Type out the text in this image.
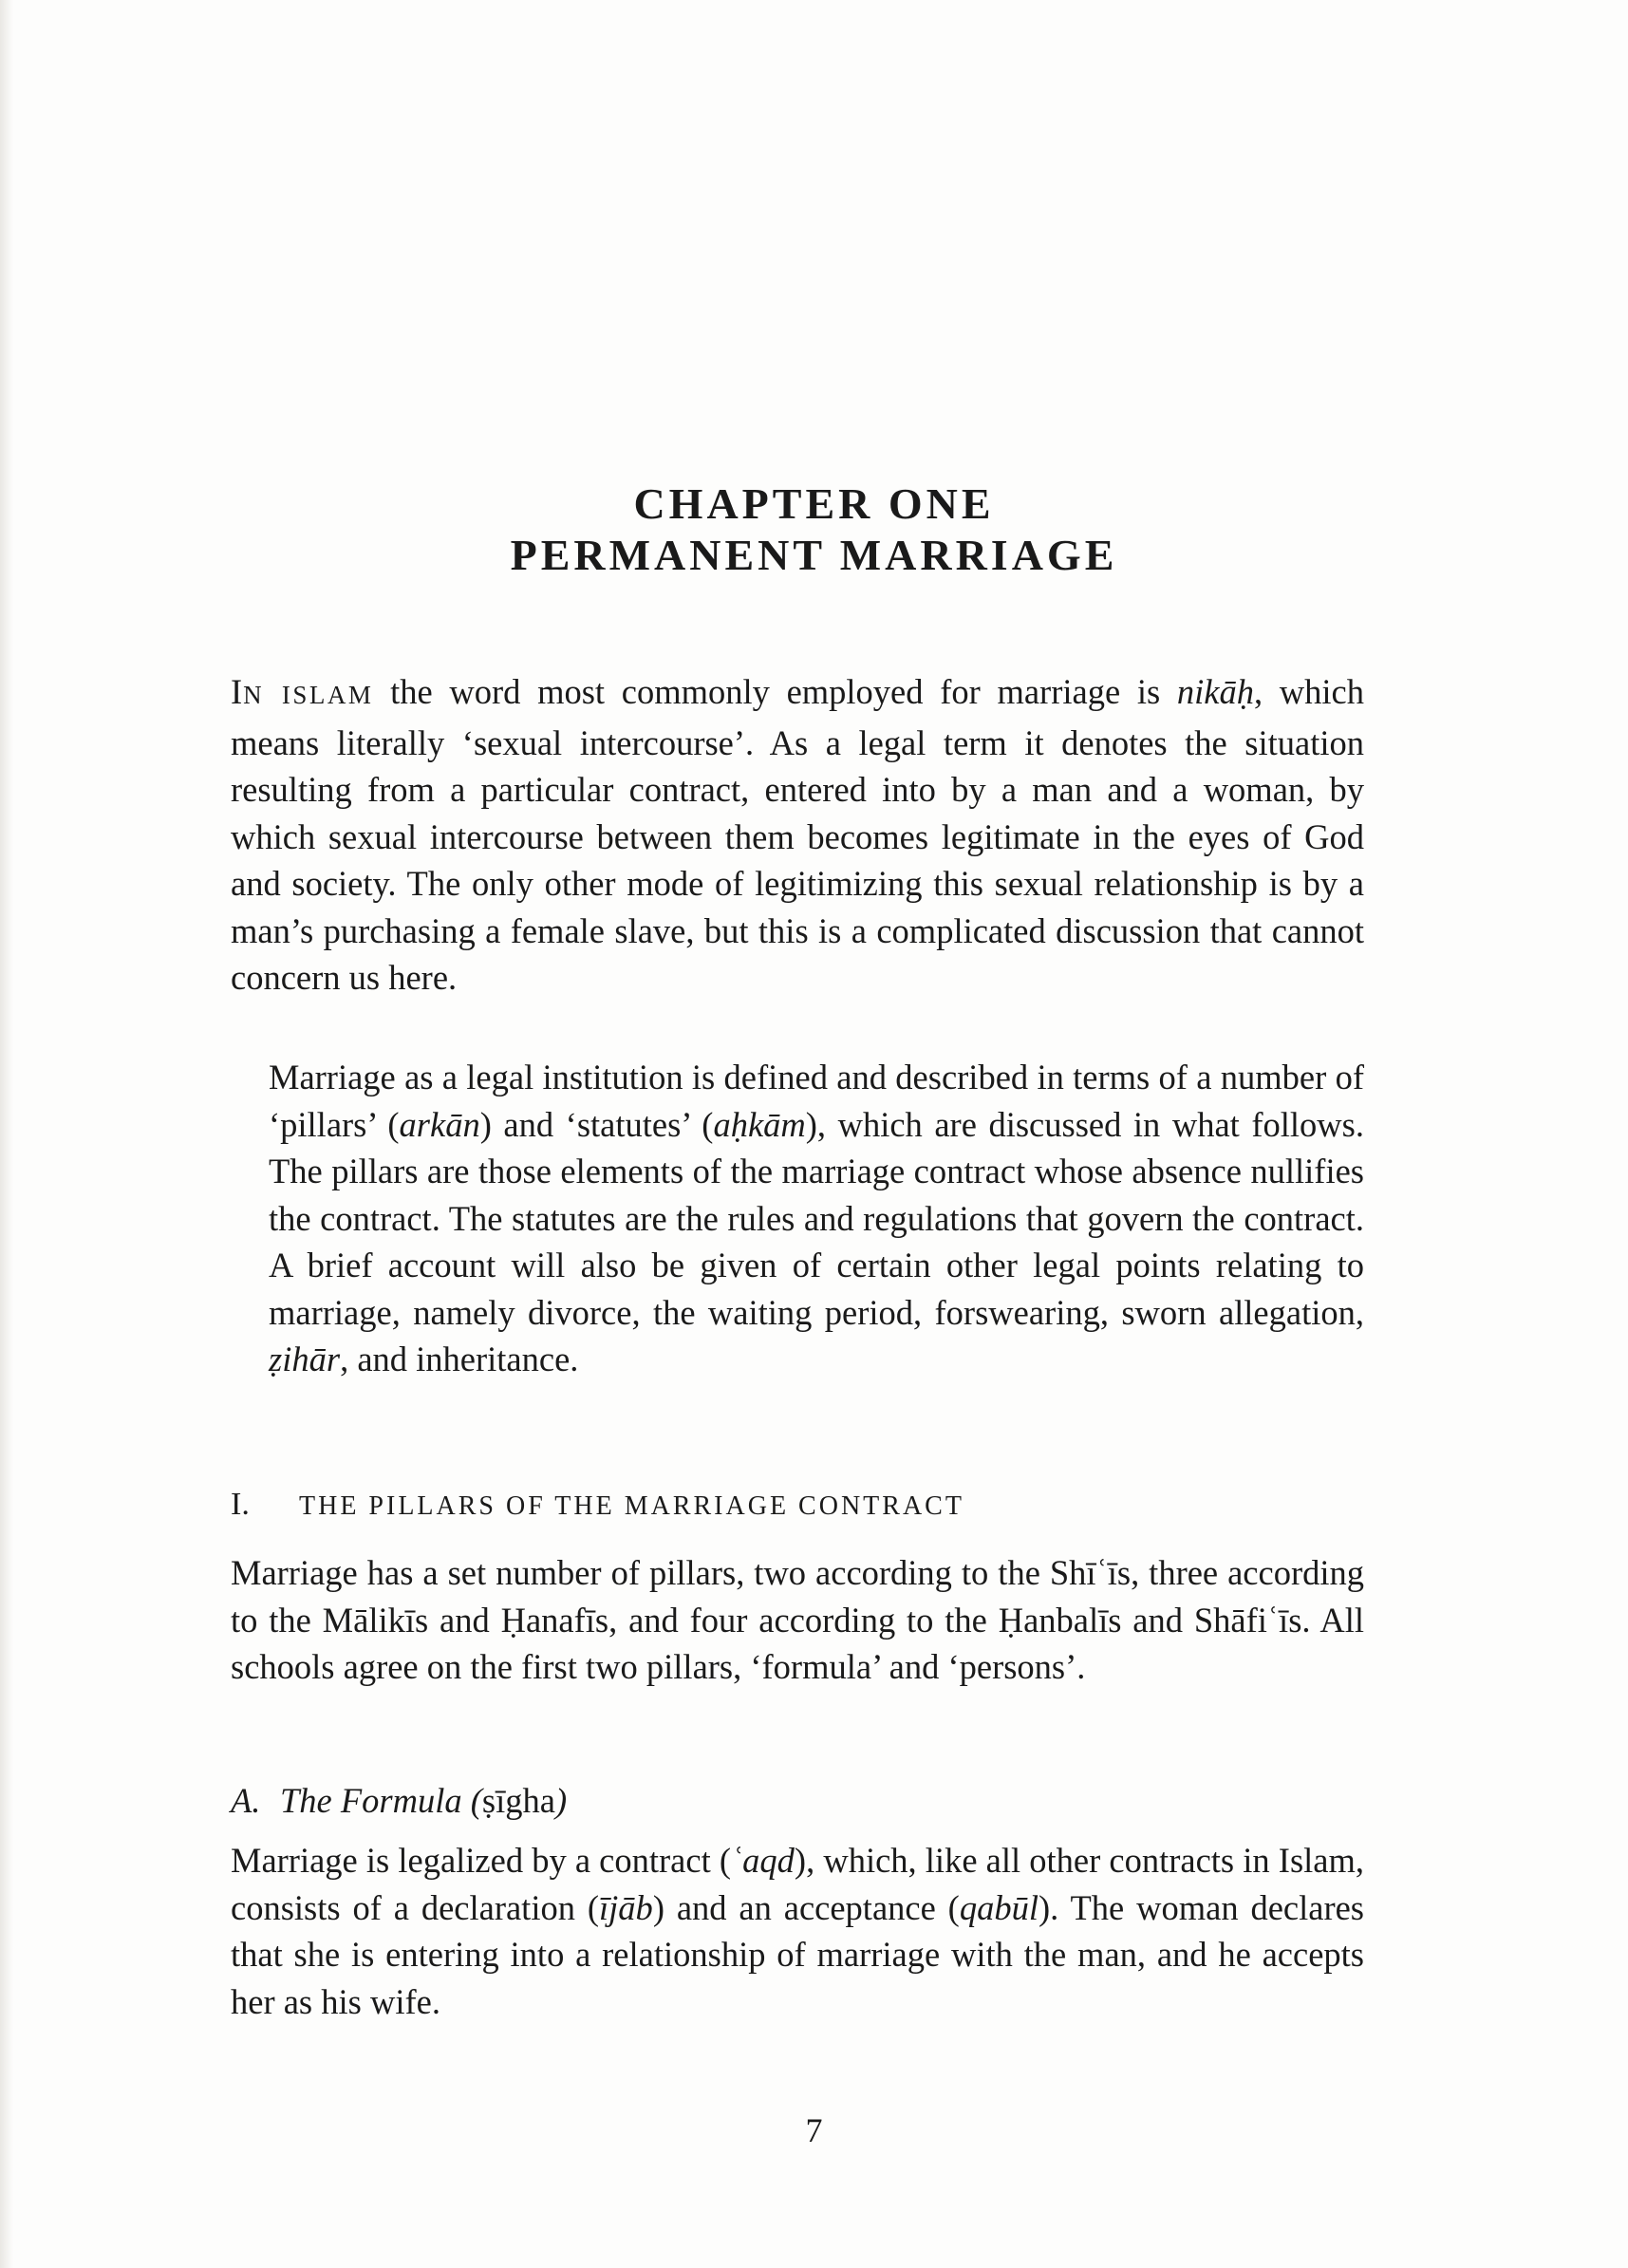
CHAPTER ONE
PERMANENT MARRIAGE

IN ISLAM the word most commonly employed for marriage is nikāḥ, which means literally ‘sexual intercourse’. As a legal term it denotes the situation resulting from a particular contract, entered into by a man and a woman, by which sexual intercourse between them becomes legitimate in the eyes of God and society. The only other mode of legitimizing this sexual relationship is by a man’s purchasing a female slave, but this is a complicated discussion that cannot concern us here.

Marriage as a legal institution is defined and described in terms of a number of ‘pillars’ (arkān) and ‘statutes’ (aḥkām), which are discussed in what follows. The pillars are those elements of the marriage contract whose absence nullifies the contract. The statutes are the rules and regulations that govern the contract. A brief account will also be given of certain other legal points relating to marriage, namely divorce, the waiting period, forswearing, sworn allegation, ẓihār, and inheritance.

I. THE PILLARS OF THE MARRIAGE CONTRACT

Marriage has a set number of pillars, two according to the Shīʿīs, three according to the Mālikīs and Ḥanafīs, and four according to the Ḥanbalīs and Shāfiʿīs. All schools agree on the first two pillars, ‘formula’ and ‘persons’.

A. The Formula (ṣīgha)

Marriage is legalized by a contract (ʿaqd), which, like all other contracts in Islam, consists of a declaration (ījāb) and an acceptance (qabūl). The woman declares that she is entering into a relationship of marriage with the man, and he accepts her as his wife.

7
